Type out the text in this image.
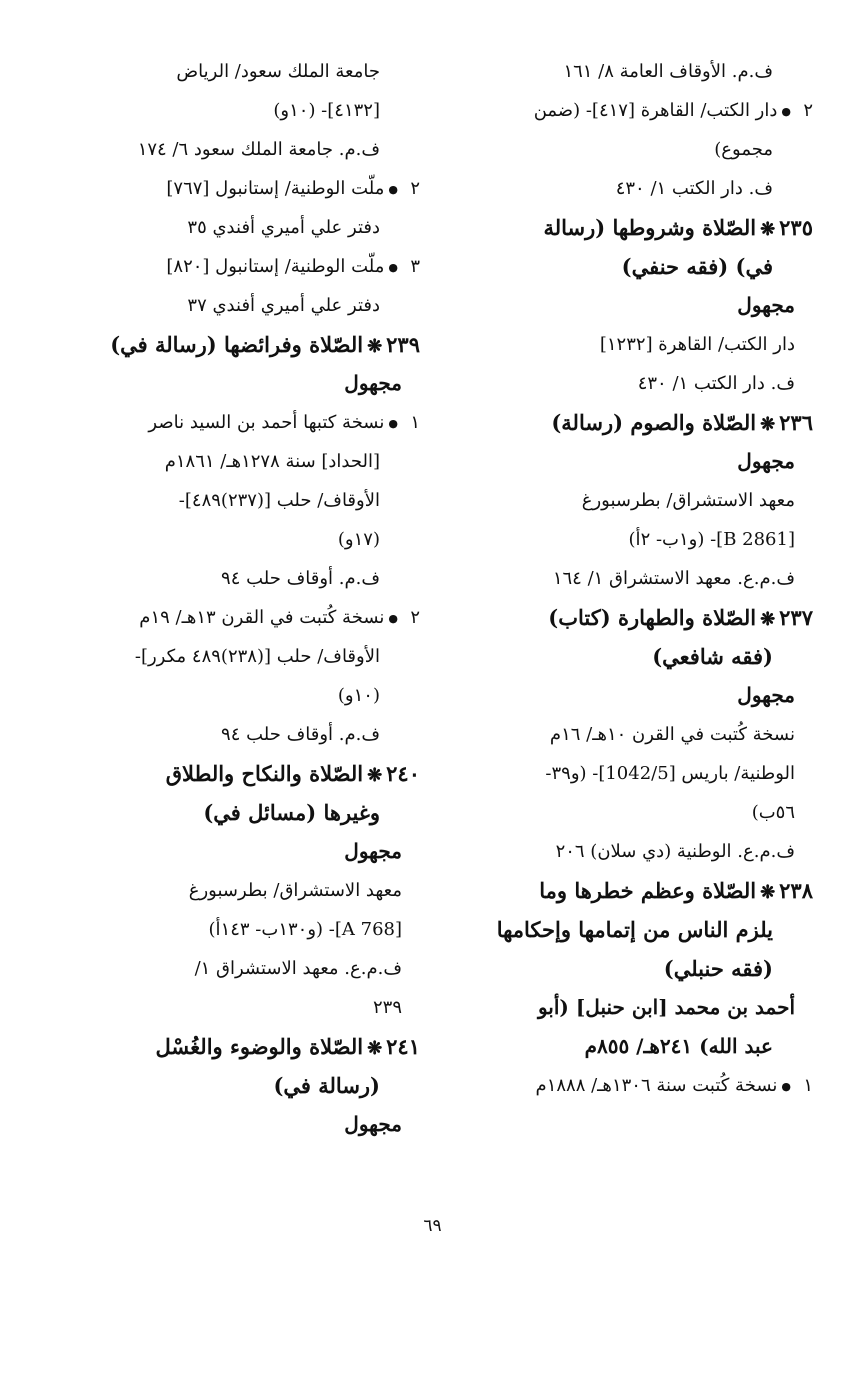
ف.م. الأوقاف العامة ٨/ ١٦١
٢●دار الكتب/ القاهرة [٤١٧]- (ضمن
مجموع)
ف. دار الكتب ١/ ٤٣٠
٢٣٥❋الصّلاة وشروطها (رسالة
في) (فقه حنفي)
مجهول
دار الكتب/ القاهرة [١٢٣٢]
ف. دار الكتب ١/ ٤٣٠
٢٣٦❋الصّلاة والصوم (رسالة)
مجهول
معهد الاستشراق/ بطرسبورغ
[B 2861]- (و١ب- ٢أ)
ف.م.ع. معهد الاستشراق ١/ ١٦٤
٢٣٧❋الصّلاة والطهارة (كتاب)
(فقه شافعي)
مجهول
نسخة كُتبت في القرن ١٠هـ/ ١٦م
الوطنية/ باريس [1042/5]- (و٣٩-
٥٦ب)
ف.م.ع. الوطنية (دي سلان) ٢٠٦
٢٣٨❋الصّلاة وعظم خطرها وما
يلزم الناس من إتمامها وإحكامها
(فقه حنبلي)
أحمد بن محمد [ابن حنبل] (أبو
عبد الله) ٢٤١هـ/ ٨٥٥م
١●نسخة كُتبت سنة ١٣٠٦هـ/ ١٨٨٨م
جامعة الملك سعود/ الرياض
[٤١٣٢]- (١٠و)
ف.م. جامعة الملك سعود ٦/ ١٧٤
٢●ملّت الوطنية/ إستانبول [٧٦٧]
دفتر علي أميري أفندي ٣٥
٣●ملّت الوطنية/ إستانبول [٨٢٠]
دفتر علي أميري أفندي ٣٧
٢٣٩❋الصّلاة وفرائضها (رسالة في)
مجهول
١●نسخة كتبها أحمد بن السيد ناصر
[الحداد] سنة ١٢٧٨هـ/ ١٨٦١م
الأوقاف/ حلب [(٢٣٧)٤٨٩]-
(١٧و)
ف.م. أوقاف حلب ٩٤
٢●نسخة كُتبت في القرن ١٣هـ/ ١٩م
الأوقاف/ حلب [(٢٣٨)٤٨٩ مكرر]-
(١٠و)
ف.م. أوقاف حلب ٩٤
٢٤٠❋الصّلاة والنكاح والطلاق
وغيرها (مسائل في)
مجهول
معهد الاستشراق/ بطرسبورغ
[A 768]- (و١٣٠ب- ١٤٣أ)
ف.م.ع. معهد الاستشراق ١/
٢٣٩
٢٤١❋الصّلاة والوضوء والغُسْل
(رسالة في)
مجهول
٦٩
